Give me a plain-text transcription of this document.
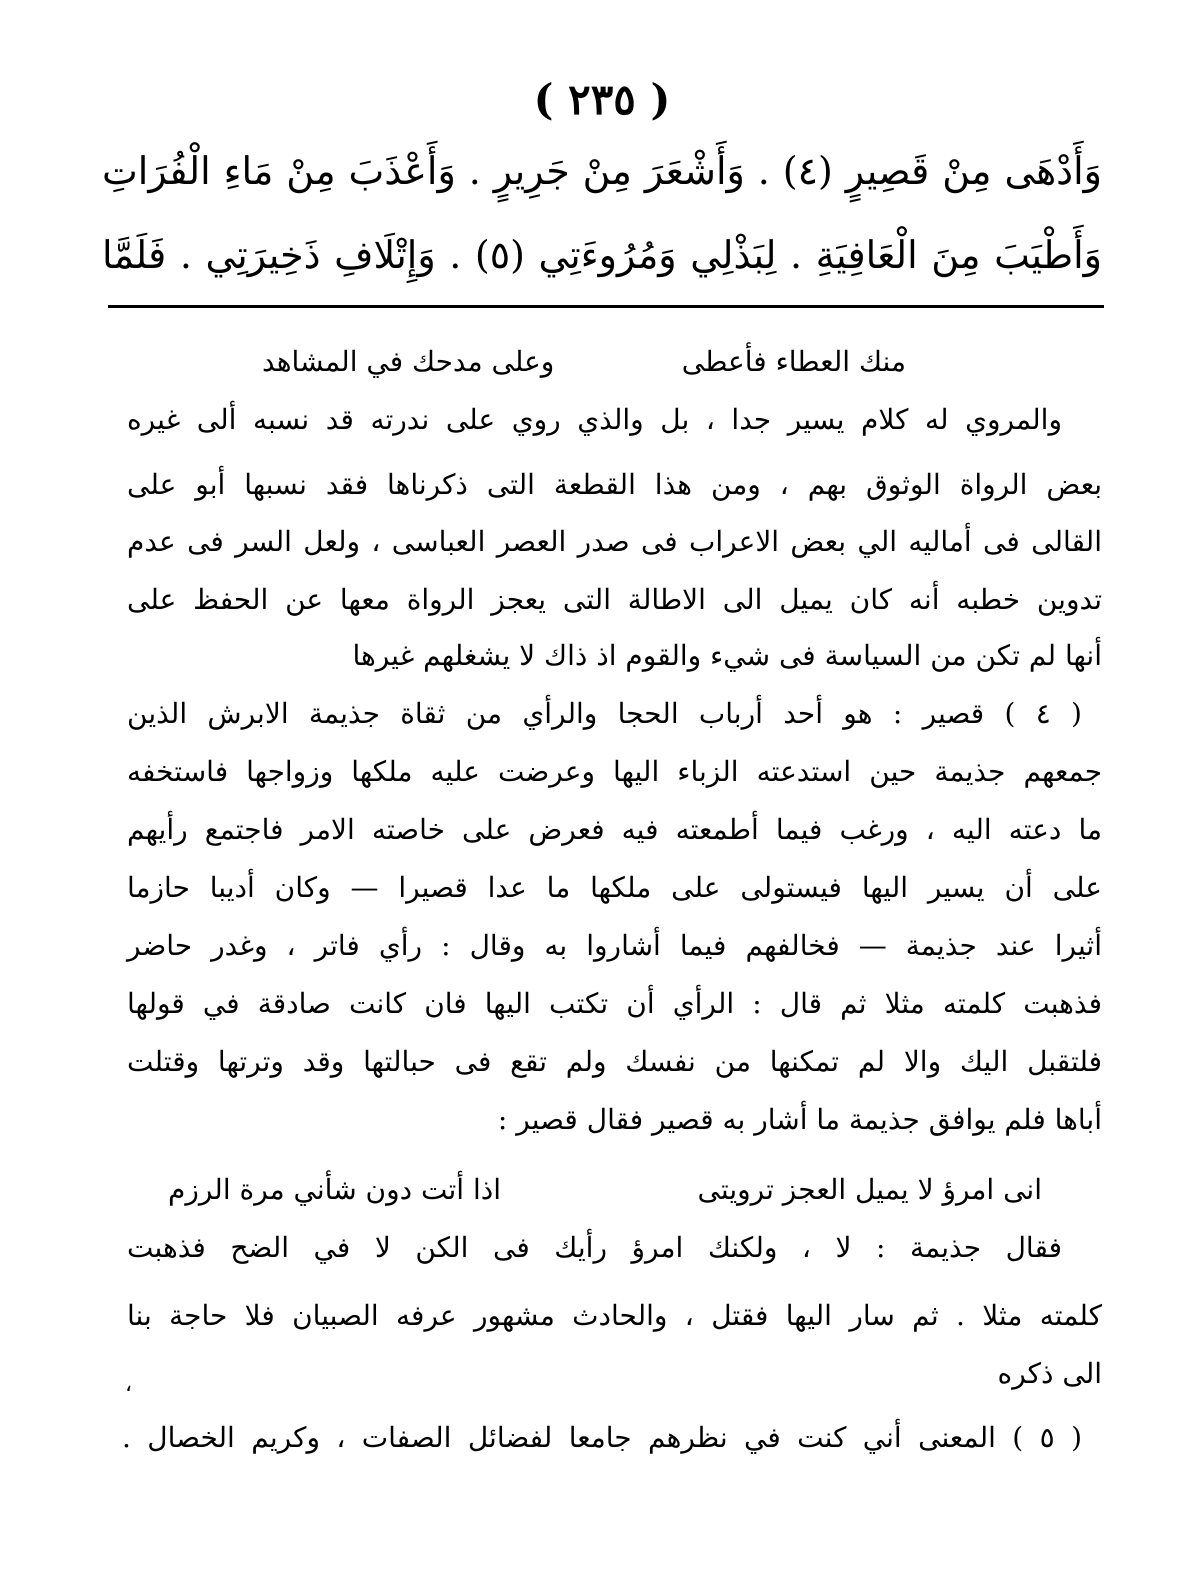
( ٢٣٥ )
وَأَدْهَى مِنْ قَصِيرٍ (٤) . وَأَشْعَرَ مِنْ جَرِيرٍ . وَأَعْذَبَ مِنْ مَاءِ الْفُرَاتِ
وَأَطْيَبَ مِنَ الْعَافِيَةِ . لِبَذْلِي وَمُرُوءَتِي (٥) . وَإِتْلَافِ ذَخِيرَتِي . فَلَمَّا
منك العطاء فأعطى
وعلى مدحك في المشاهد
والمروي له كلام يسير جدا ، بل والذي روي على ندرته قد نسبه ألى غيره
بعض الرواة الوثوق بهم ، ومن هذا القطعة التى ذكرناها فقد نسبها أبو على
القالى فى أماليه الي بعض الاعراب فى صدر العصر العباسى ، ولعل السر فى عدم
تدوين خطبه أنه كان يميل الى الاطالة التى يعجز الرواة معها عن الحفظ على
أنها لم تكن من السياسة فى شيء والقوم اذ ذاك لا يشغلهم غيرها
( ٤ ) قصير : هو أحد أرباب الحجا والرأي من ثقاة جذيمة الابرش الذين
جمعهم جذيمة حين استدعته الزباء اليها وعرضت عليه ملكها وزواجها فاستخفه
ما دعته اليه ، ورغب فيما أطمعته فيه فعرض على خاصته الامر فاجتمع رأيهم
على أن يسير اليها فيستولى على ملكها ما عدا قصيرا — وكان أديبا حازما
أثيرا عند جذيمة — فخالفهم فيما أشاروا به وقال : رأي فاتر ، وغدر حاضر
فذهبت كلمته مثلا ثم قال : الرأي أن تكتب اليها فان كانت صادقة في قولها
فلتقبل اليك والا لم تمكنها من نفسك ولم تقع فى حبالتها وقد وترتها وقتلت
أباها فلم يوافق جذيمة ما أشار به قصير فقال قصير :
انى امرؤ لا يميل العجز ترويتى
اذا أتت دون شأني مرة الرزم
فقال جذيمة : لا ، ولكنك امرؤ رأيك فى الكن لا في الضح فذهبت
كلمته مثلا . ثم سار اليها فقتل ، والحادث مشهور عرفه الصبيان فلا حاجة بنا
الى ذكره
،
( ٥ ) المعنى أني كنت في نظرهم جامعا لفضائل الصفات ، وكريم الخصال .
